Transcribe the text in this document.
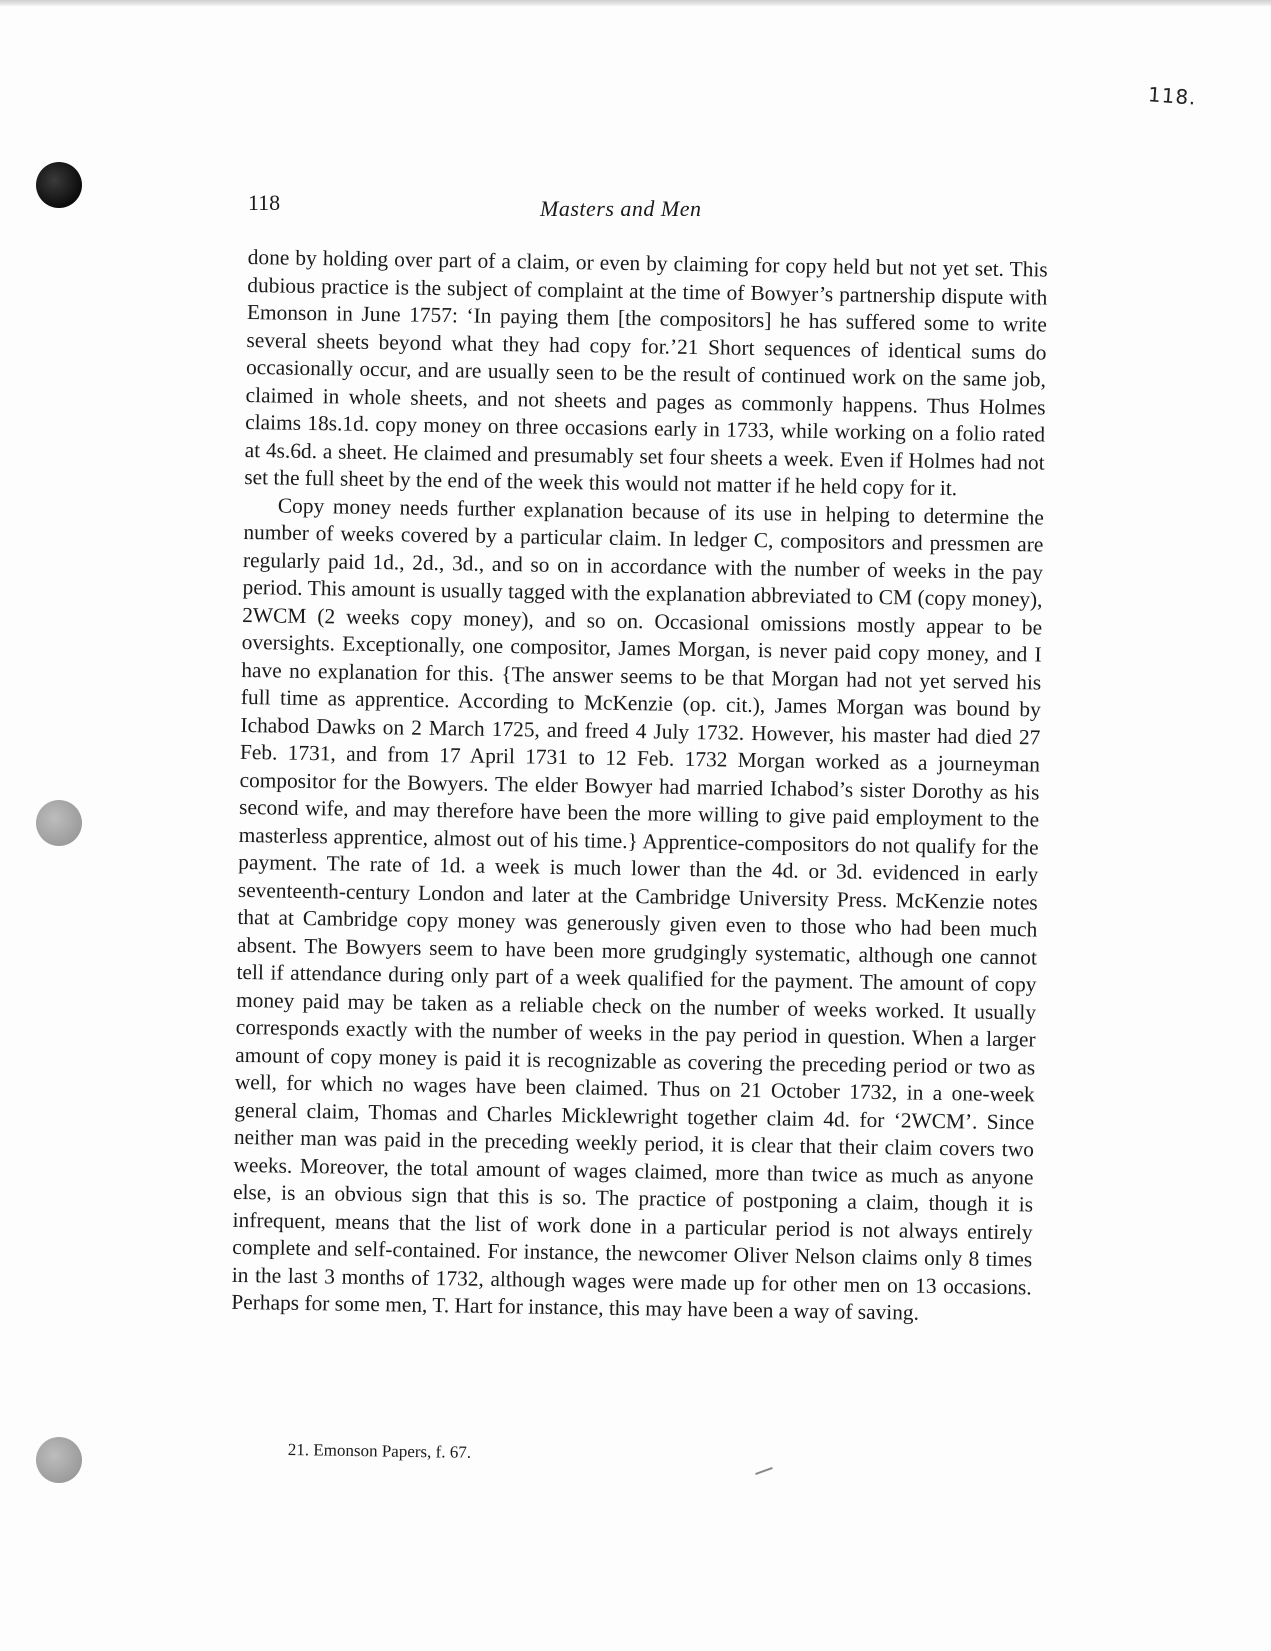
118.
118	Masters and Men

done by holding over part of a claim, or even by claiming for copy held but not yet set. This dubious practice is the subject of complaint at the time of Bowyer’s partnership dispute with Emonson in June 1757: ‘In paying them [the compositors] he has suffered some to write several sheets beyond what they had copy for.’21 Short sequences of identical sums do occasionally occur, and are usually seen to be the result of continued work on the same job, claimed in whole sheets, and not sheets and pages as commonly happens. Thus Holmes claims 18s.1d. copy money on three occasions early in 1733, while working on a folio rated at 4s.6d. a sheet. He claimed and presumably set four sheets a week. Even if Holmes had not set the full sheet by the end of the week this would not matter if he held copy for it.

Copy money needs further explanation because of its use in helping to determine the number of weeks covered by a particular claim. In ledger C, compositors and pressmen are regularly paid 1d., 2d., 3d., and so on in accordance with the number of weeks in the pay period. This amount is usually tagged with the explanation abbreviated to CM (copy money), 2WCM (2 weeks copy money), and so on. Occasional omissions mostly appear to be oversights. Exceptionally, one compositor, James Morgan, is never paid copy money, and I have no explanation for this. {The answer seems to be that Morgan had not yet served his full time as apprentice. According to McKenzie (op. cit.), James Morgan was bound by Ichabod Dawks on 2 March 1725, and freed 4 July 1732. However, his master had died 27 Feb. 1731, and from 17 April 1731 to 12 Feb. 1732 Morgan worked as a journeyman compositor for the Bowyers. The elder Bowyer had married Ichabod’s sister Dorothy as his second wife, and may therefore have been the more willing to give paid employment to the masterless apprentice, almost out of his time.} Apprentice-compositors do not qualify for the payment. The rate of 1d. a week is much lower than the 4d. or 3d. evidenced in early seventeenth-century London and later at the Cambridge University Press. McKenzie notes that at Cambridge copy money was generously given even to those who had been much absent. The Bowyers seem to have been more grudgingly systematic, although one cannot tell if attendance during only part of a week qualified for the payment. The amount of copy money paid may be taken as a reliable check on the number of weeks worked. It usually corresponds exactly with the number of weeks in the pay period in question. When a larger amount of copy money is paid it is recognizable as covering the preceding period or two as well, for which no wages have been claimed. Thus on 21 October 1732, in a one-week general claim, Thomas and Charles Micklewright together claim 4d. for ‘2WCM’. Since neither man was paid in the preceding weekly period, it is clear that their claim covers two weeks. Moreover, the total amount of wages claimed, more than twice as much as anyone else, is an obvious sign that this is so. The practice of postponing a claim, though it is infrequent, means that the list of work done in a particular period is not always entirely complete and self-contained. For instance, the newcomer Oliver Nelson claims only 8 times in the last 3 months of 1732, although wages were made up for other men on 13 occasions. Perhaps for some men, T. Hart for instance, this may have been a way of saving.

21. Emonson Papers, f. 67.
